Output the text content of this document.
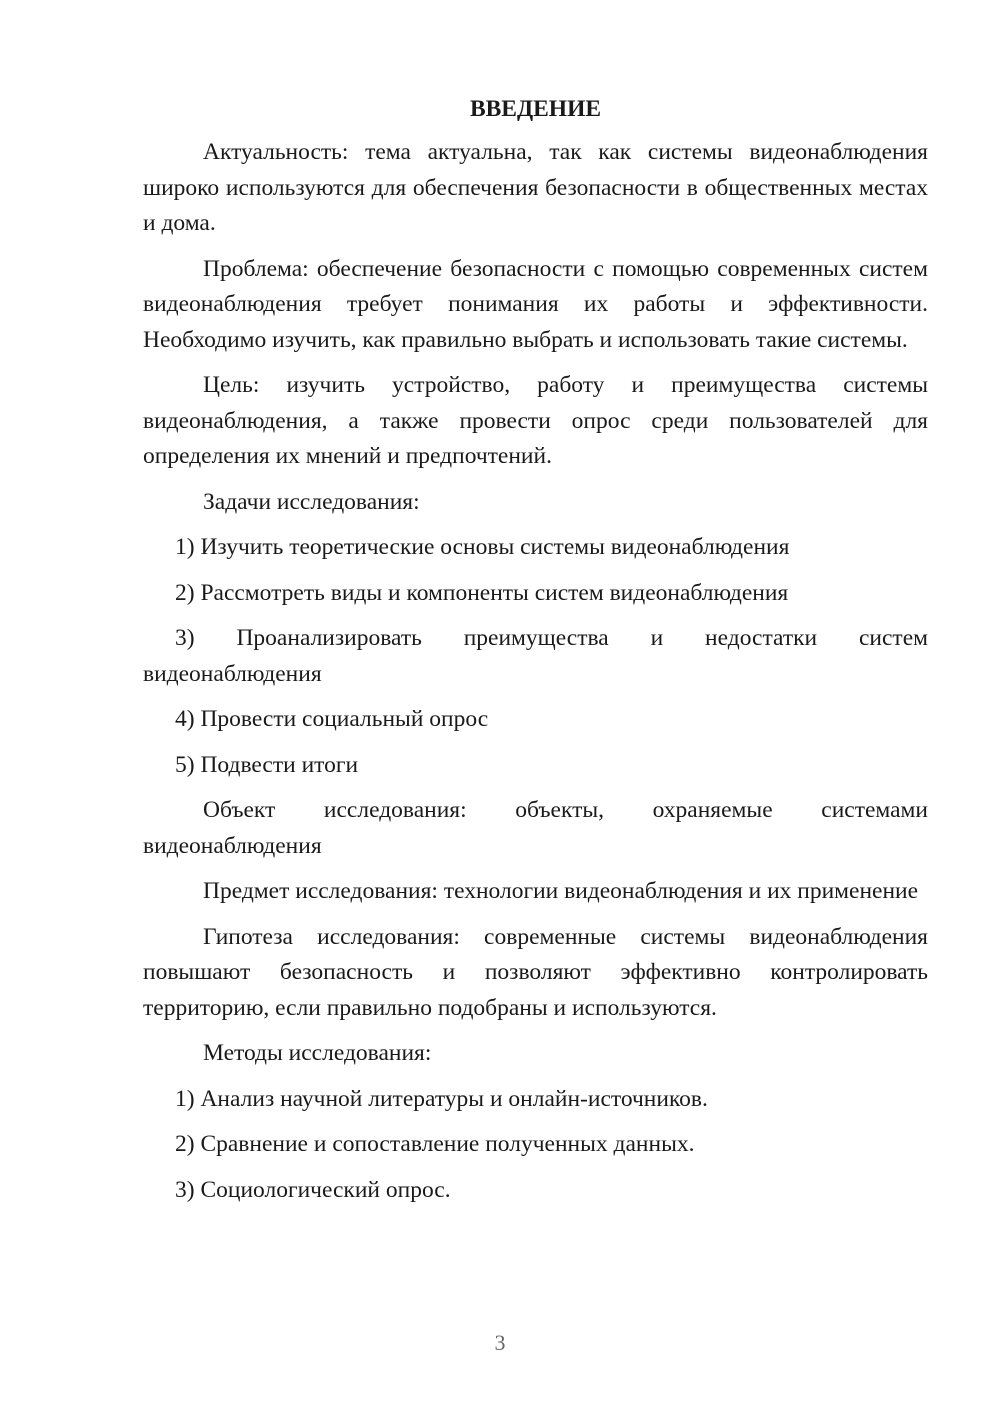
ВВЕДЕНИЕ

Актуальность: тема актуальна, так как системы видеонаблюдения широко используются для обеспечения безопасности в общественных местах и дома.

Проблема: обеспечение безопасности с помощью современных систем видеонаблюдения требует понимания их работы и эффективности. Необходимо изучить, как правильно выбрать и использовать такие системы.

Цель: изучить устройство, работу и преимущества системы видеонаблюдения, а также провести опрос среди пользователей для определения их мнений и предпочтений.

Задачи исследования:

1) Изучить теоретические основы системы видеонаблюдения

2) Рассмотреть виды и компоненты систем видеонаблюдения

3) Проанализировать преимущества и недостатки систем видеонаблюдения

4) Провести социальный опрос

5) Подвести итоги

Объект исследования: объекты, охраняемые системами видеонаблюдения

Предмет исследования: технологии видеонаблюдения и их применение

Гипотеза исследования: современные системы видеонаблюдения повышают безопасность и позволяют эффективно контролировать территорию, если правильно подобраны и используются.

Методы исследования:

1) Анализ научной литературы и онлайн-источников.

2) Сравнение и сопоставление полученных данных.

3) Социологический опрос.

3
